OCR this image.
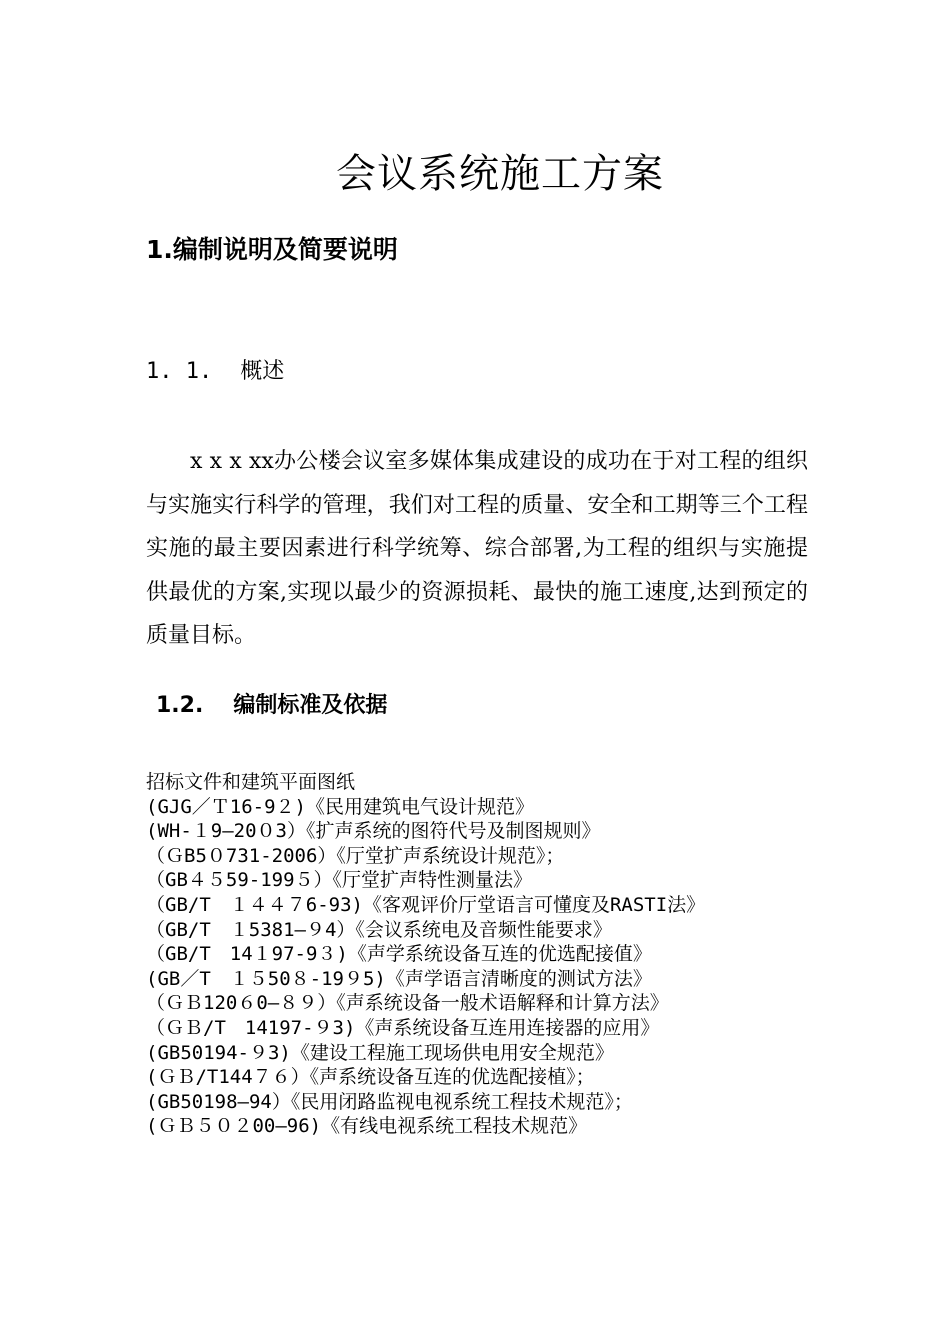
会议系统施工方案
1.编制说明及简要说明
1. 1. 概述
x x x xx办公楼会议室多媒体集成建设的成功在于对工程的组织与实施实行科学的管理，我们对工程的质量、安全和工期等三个工程实施的最主要因素进行科学统筹、综合部署,为工程的组织与实施提供最优的方案,实现以最少的资源损耗、最快的施工速度,达到预定的质量目标。
1.2. 编制标准及依据
招标文件和建筑平面图纸
(GJG／Ｔ16-9２)《民用建筑电气设计规范》
(WH-１9—20０3）《扩声系统的图符代号及制图规则》
（ＧB5０731-2006）《厅堂扩声系统设计规范》；
（GB４５59-199５）《厅堂扩声特性测量法》
（GB/T　１４４７6-93)《客观评价厅堂语言可懂度及RASTI法》
（GB/T　１5381—９4）《会议系统电及音频性能要求》
（GB/T　14１97-9３)《声学系统设备互连的优选配接值》
(GB／T　１５50８-19９5)《声学语言清晰度的测试方法》
（ＧＢ120６0—８９）《声系统设备一般术语解释和计算方法》
（ＧＢ/T　14197-９3)《声系统设备互连用连接器的应用》
(GB50194-９3)《建设工程施工现场供电用安全规范》
(ＧＢ/T144７６）《声系统设备互连的优选配接植》；
(GB50198—94）《民用闭路监视电视系统工程技术规范》；
(ＧＢ５０２00—96)《有线电视系统工程技术规范》
